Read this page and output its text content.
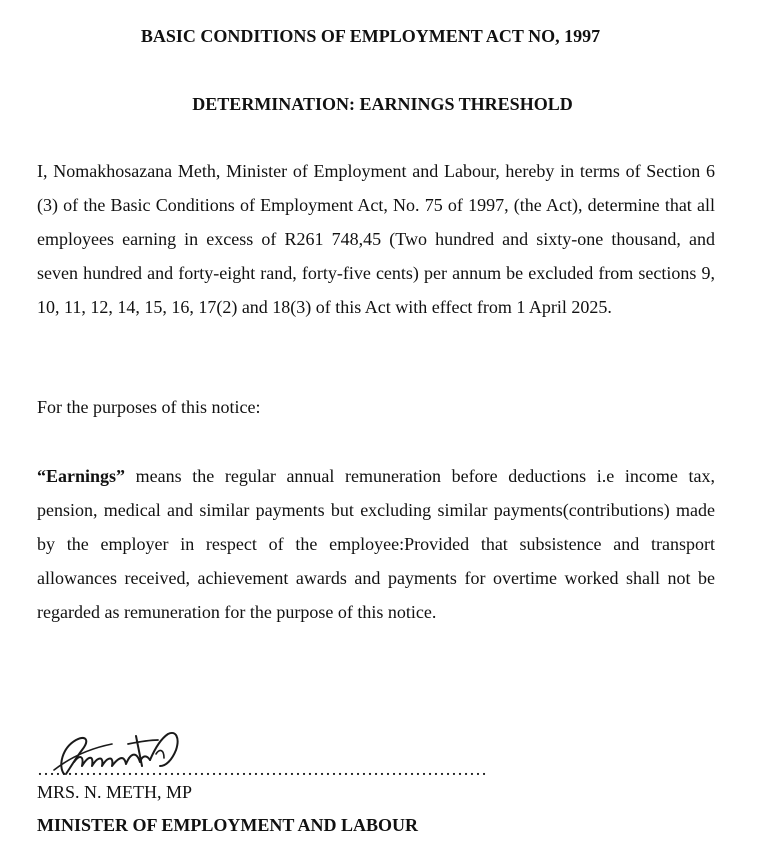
BASIC CONDITIONS OF EMPLOYMENT ACT NO, 1997
DETERMINATION: EARNINGS THRESHOLD

I, Nomakhosazana Meth, Minister of Employment and Labour, hereby in terms of Section 6 (3) of the Basic Conditions of Employment Act, No. 75 of 1997, (the Act), determine that all employees earning in excess of R261 748,45 (Two hundred and sixty-one thousand, and seven hundred and forty-eight rand, forty-five cents) per annum be excluded from sections 9, 10, 11, 12, 14, 15, 16, 17(2) and 18(3) of this Act with effect from 1 April 2025.

For the purposes of this notice:

“Earnings” means the regular annual remuneration before deductions i.e income tax, pension, medical and similar payments but excluding similar payments(contributions) made by the employer in respect of the employee:Provided that subsistence and transport allowances received, achievement awards and payments for overtime worked shall not be regarded as remuneration for the purpose of this notice.

…………………………………………………………………

MRS. N. METH, MP

MINISTER OF EMPLOYMENT AND LABOUR
